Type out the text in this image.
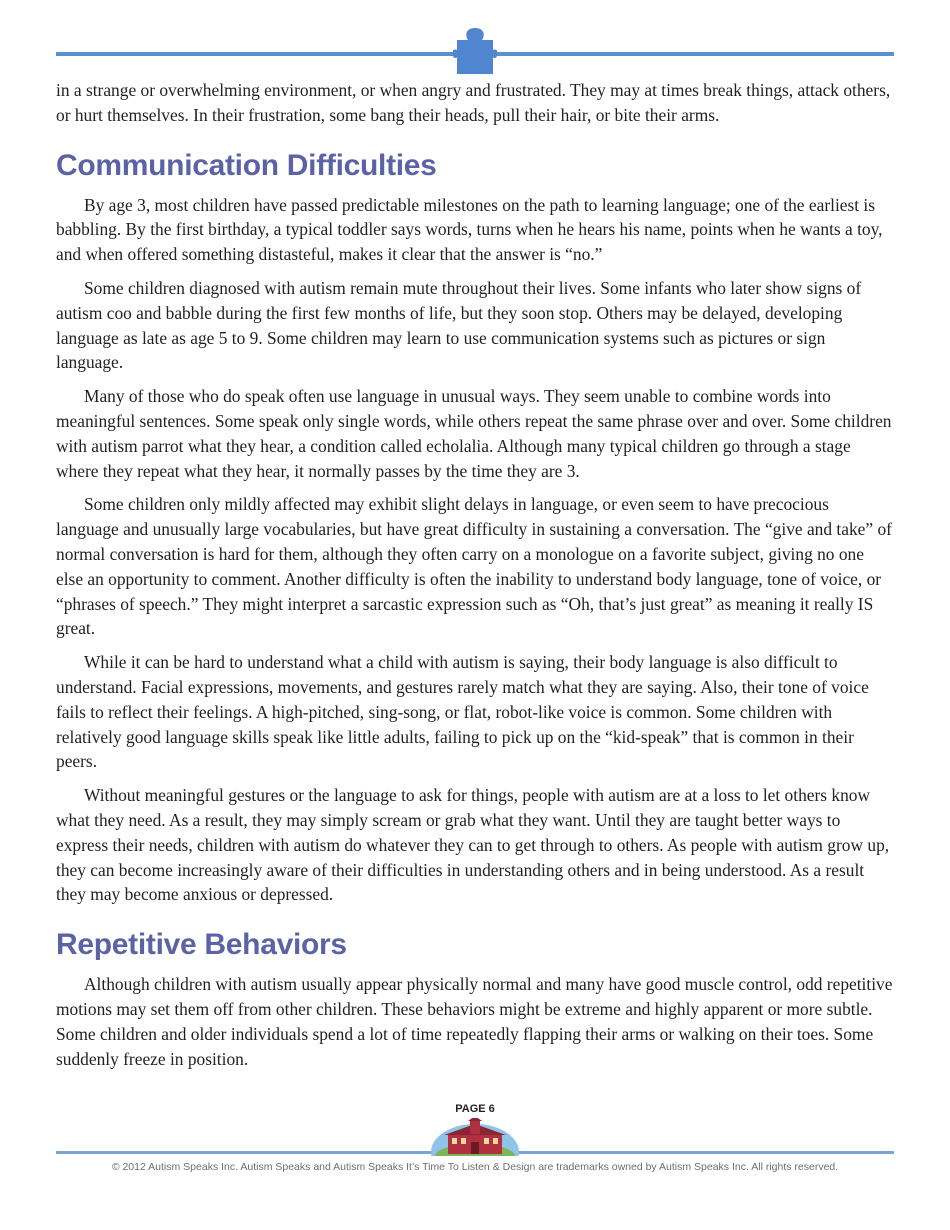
in a strange or overwhelming environment, or when angry and frustrated. They may at times break things, attack others, or hurt themselves. In their frustration, some bang their heads, pull their hair, or bite their arms.

Communication Difficulties

By age 3, most children have passed predictable milestones on the path to learning language; one of the earliest is babbling. By the first birthday, a typical toddler says words, turns when he hears his name, points when he wants a toy, and when offered something distasteful, makes it clear that the answer is “no.”

Some children diagnosed with autism remain mute throughout their lives. Some infants who later show signs of autism coo and babble during the first few months of life, but they soon stop. Others may be delayed, developing language as late as age 5 to 9. Some children may learn to use communication systems such as pictures or sign language.

Many of those who do speak often use language in unusual ways. They seem unable to combine words into meaningful sentences. Some speak only single words, while others repeat the same phrase over and over. Some children with autism parrot what they hear, a condition called echolalia. Although many typical children go through a stage where they repeat what they hear, it normally passes by the time they are 3.

Some children only mildly affected may exhibit slight delays in language, or even seem to have precocious language and unusually large vocabularies, but have great difficulty in sustaining a conversation. The “give and take” of normal conversation is hard for them, although they often carry on a monologue on a favorite subject, giving no one else an opportunity to comment. Another difficulty is often the inability to understand body language, tone of voice, or “phrases of speech.” They might interpret a sarcastic expression such as “Oh, that’s just great” as meaning it really IS great.

While it can be hard to understand what a child with autism is saying, their body language is also difficult to understand. Facial expressions, movements, and gestures rarely match what they are saying. Also, their tone of voice fails to reflect their feelings. A high-pitched, sing-song, or flat, robot-like voice is common. Some children with relatively good language skills speak like little adults, failing to pick up on the “kid-speak” that is common in their peers.

Without meaningful gestures or the language to ask for things, people with autism are at a loss to let others know what they need. As a result, they may simply scream or grab what they want. Until they are taught better ways to express their needs, children with autism do whatever they can to get through to others. As people with autism grow up, they can become increasingly aware of their difficulties in understanding others and in being understood. As a result they may become anxious or depressed.

Repetitive Behaviors

Although children with autism usually appear physically normal and many have good muscle control, odd repetitive motions may set them off from other children. These behaviors might be extreme and highly apparent or more subtle. Some children and older individuals spend a lot of time repeatedly flapping their arms or walking on their toes. Some suddenly freeze in position.

PAGE 6
© 2012 Autism Speaks Inc. Autism Speaks and Autism Speaks It’s Time To Listen & Design are trademarks owned by Autism Speaks Inc. All rights reserved.
